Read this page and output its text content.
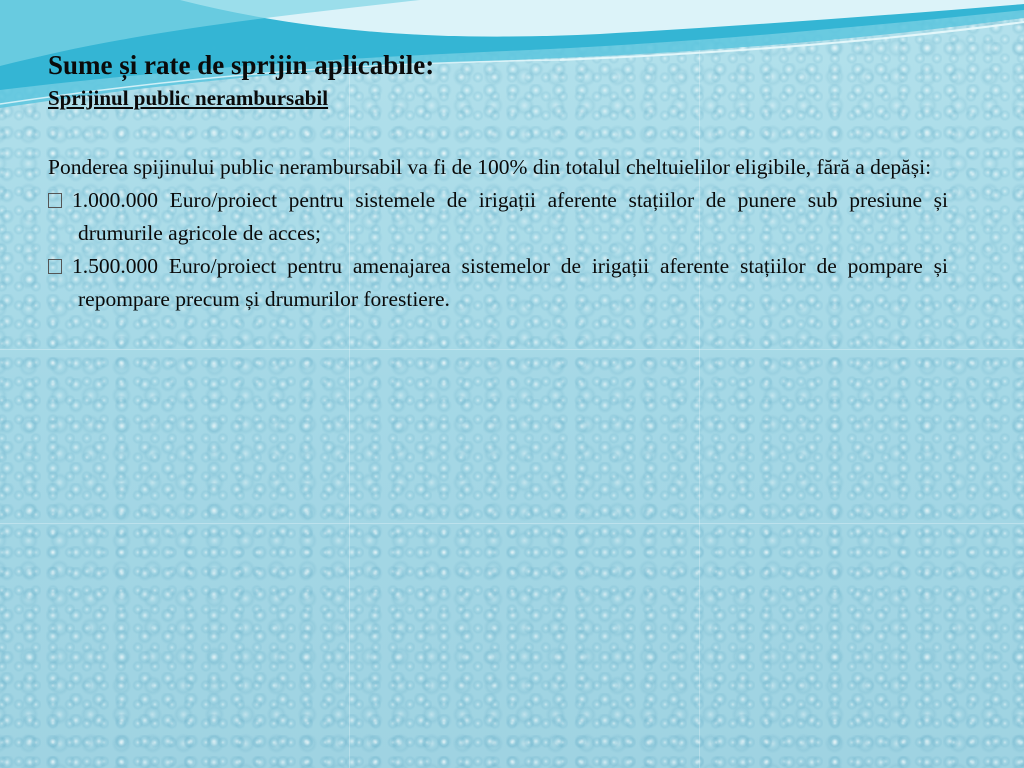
Sume și rate de sprijin aplicabile:
Sprijinul public nerambursabil

Ponderea spijinului public nerambursabil va fi de 100% din totalul cheltuielilor eligibile, fără a depăși:

1.000.000 Euro/proiect pentru sistemele de irigații aferente stațiilor de punere sub presiune și drumurile agricole de acces;

1.500.000 Euro/proiect pentru amenajarea sistemelor de irigații aferente stațiilor de pompare și repompare precum și drumurilor forestiere.
